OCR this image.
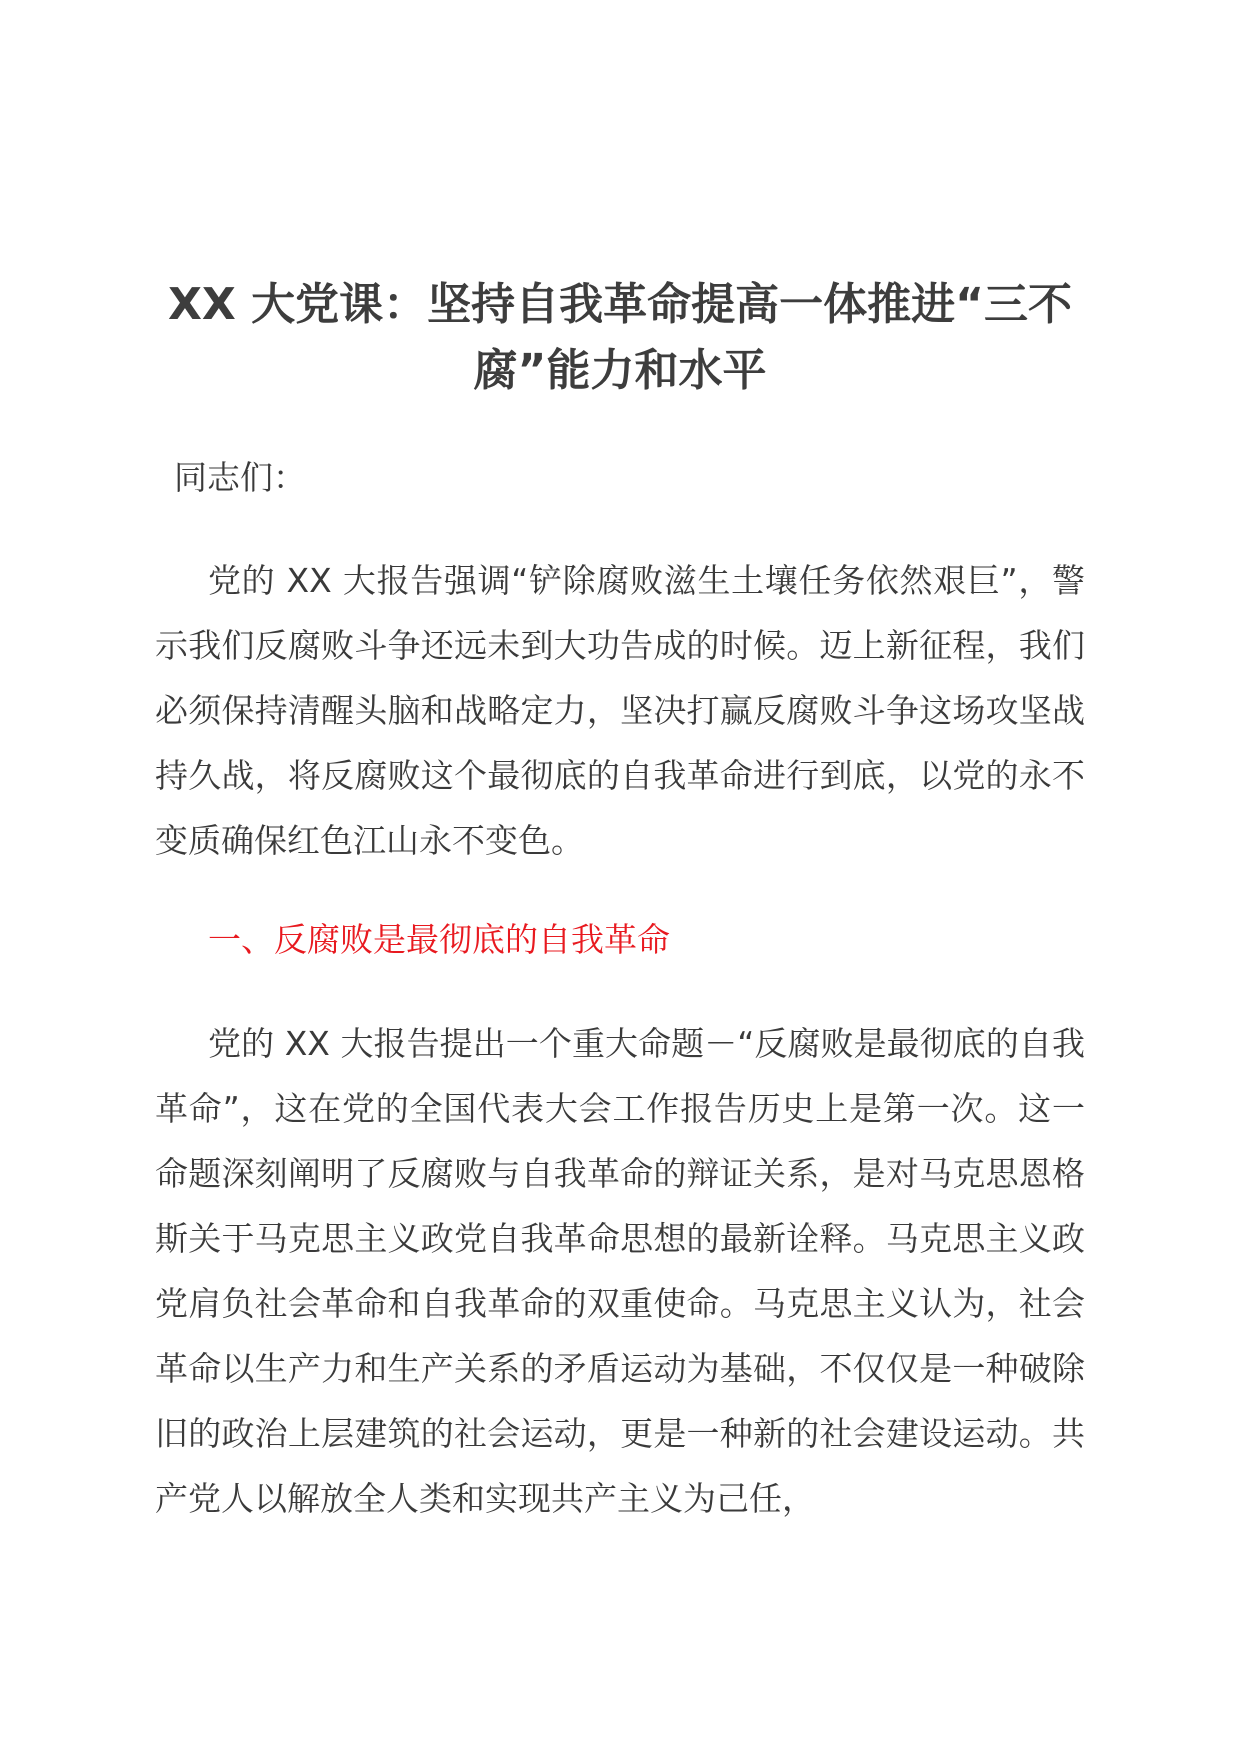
XX 大党课：坚持自我革命提高一体推进“三不腐”能力和水平

同志们：

党的 XX 大报告强调“铲除腐败滋生土壤任务依然艰巨”，警示我们反腐败斗争还远未到大功告成的时候。迈上新征程，我们必须保持清醒头脑和战略定力，坚决打赢反腐败斗争这场攻坚战持久战，将反腐败这个最彻底的自我革命进行到底，以党的永不变质确保红色江山永不变色。

一、反腐败是最彻底的自我革命

党的 XX 大报告提出一个重大命题－“反腐败是最彻底的自我革命”，这在党的全国代表大会工作报告历史上是第一次。这一命题深刻阐明了反腐败与自我革命的辩证关系，是对马克思恩格斯关于马克思主义政党自我革命思想的最新诠释。马克思主义政党肩负社会革命和自我革命的双重使命。马克思主义认为，社会革命以生产力和生产关系的矛盾运动为基础，不仅仅是一种破除旧的政治上层建筑的社会运动，更是一种新的社会建设运动。共产党人以解放全人类和实现共产主义为己任，
